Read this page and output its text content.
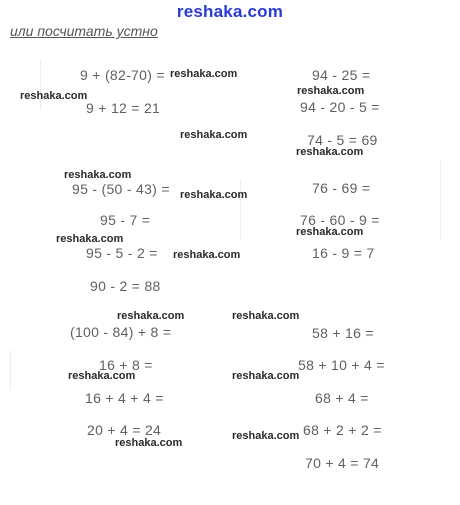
reshaka.com
или посчитать устно
9 + (82-70) =
9 + 12 = 21
95 - (50 - 43) =
95 - 7 =
95 - 5 - 2 =
90 - 2 = 88
(100 - 84) + 8 =
16 + 8 =
16 + 4 + 4 =
20 + 4 = 24
94 - 25 =
94 - 20 - 5 =
74 - 5 = 69
76 - 69 =
76 - 60 - 9 =
16 - 9 = 7
58 + 16 =
58 + 10 + 4 =
68 + 4 =
68 + 2 + 2 =
70 + 4 = 74
reshaka.com
reshaka.com	reshaka.com
reshaka.com
reshaka.com
reshaka.com
reshaka.com
reshaka.com
reshaka.com
reshaka.com
reshaka.com	reshaka.com
reshaka.com	reshaka.com
reshaka.com
reshaka.com
